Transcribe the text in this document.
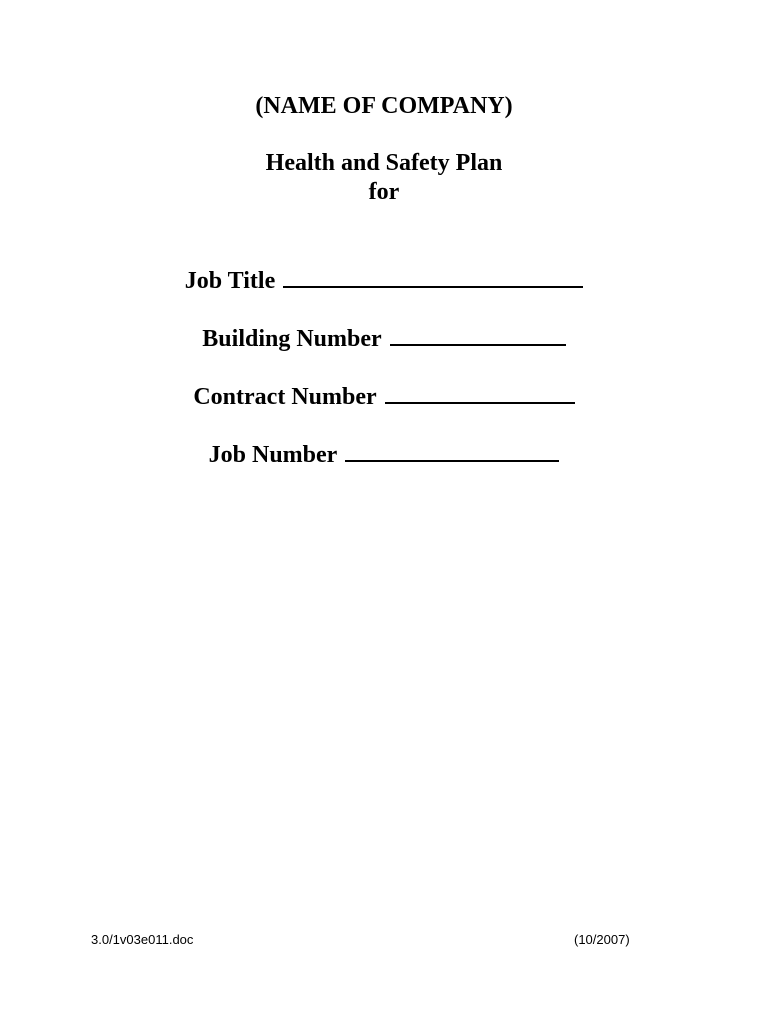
(NAME OF COMPANY)
Health and Safety Plan
for
Job Title
Building Number
Contract Number
Job Number
3.0/1v03e011.doc	(10/2007)
